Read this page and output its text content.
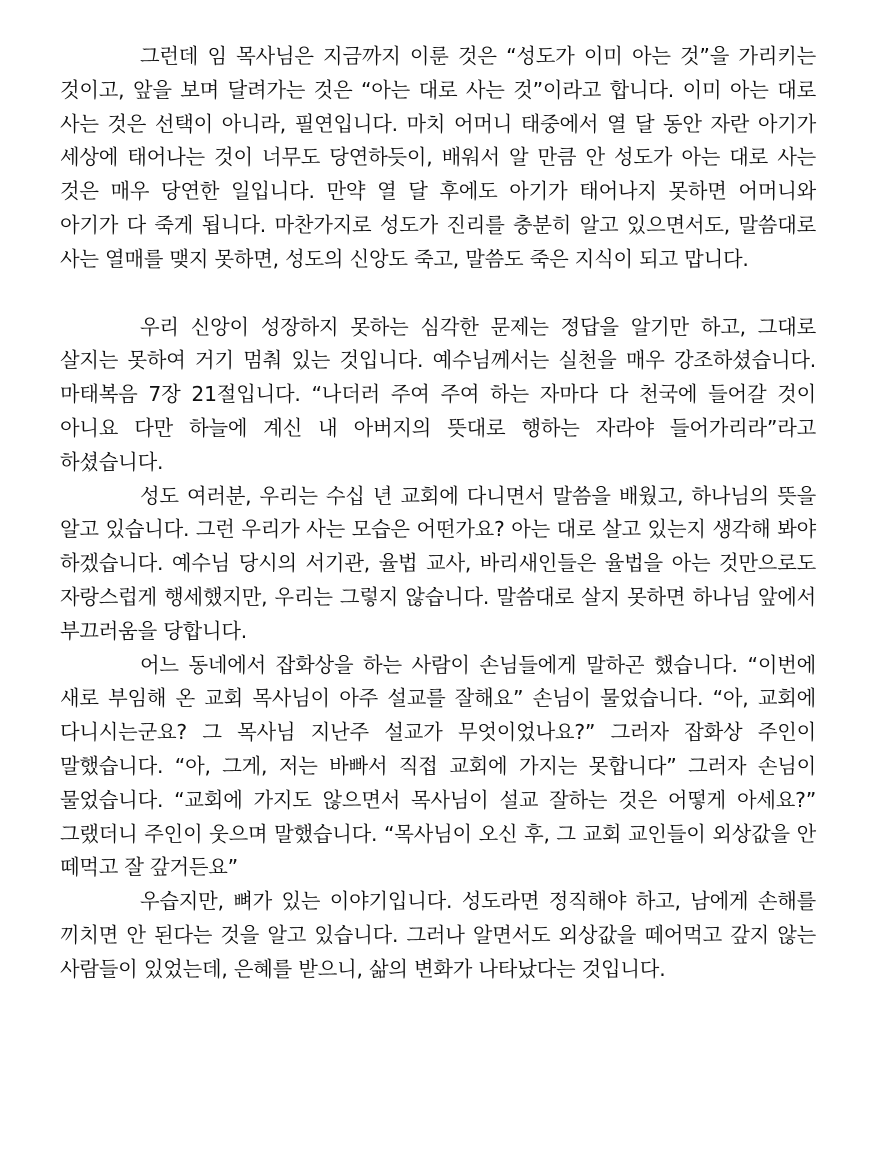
그런데 임 목사님은 지금까지 이룬 것은 “성도가 이미 아는 것”을 가리키는 것이고, 앞을 보며 달려가는 것은 “아는 대로 사는 것”이라고 합니다. 이미 아는 대로 사는 것은 선택이 아니라, 필연입니다. 마치 어머니 태중에서 열 달 동안 자란 아기가 세상에 태어나는 것이 너무도 당연하듯이, 배워서 알 만큼 안 성도가 아는 대로 사는 것은 매우 당연한 일입니다. 만약 열 달 후에도 아기가 태어나지 못하면 어머니와 아기가 다 죽게 됩니다. 마찬가지로 성도가 진리를 충분히 알고 있으면서도, 말씀대로 사는 열매를 맺지 못하면, 성도의 신앙도 죽고, 말씀도 죽은 지식이 되고 맙니다.

우리 신앙이 성장하지 못하는 심각한 문제는 정답을 알기만 하고, 그대로 살지는 못하여 거기 멈춰 있는 것입니다. 예수님께서는 실천을 매우 강조하셨습니다. 마태복음 7장 21절입니다. “나더러 주여 주여 하는 자마다 다 천국에 들어갈 것이 아니요 다만 하늘에 계신 내 아버지의 뜻대로 행하는 자라야 들어가리라”라고 하셨습니다.

성도 여러분, 우리는 수십 년 교회에 다니면서 말씀을 배웠고, 하나님의 뜻을 알고 있습니다. 그런 우리가 사는 모습은 어떤가요? 아는 대로 살고 있는지 생각해 봐야 하겠습니다. 예수님 당시의 서기관, 율법 교사, 바리새인들은 율법을 아는 것만으로도 자랑스럽게 행세했지만, 우리는 그렇지 않습니다. 말씀대로 살지 못하면 하나님 앞에서 부끄러움을 당합니다.

어느 동네에서 잡화상을 하는 사람이 손님들에게 말하곤 했습니다. “이번에 새로 부임해 온 교회 목사님이 아주 설교를 잘해요” 손님이 물었습니다. “아, 교회에 다니시는군요? 그 목사님 지난주 설교가 무엇이었나요?” 그러자 잡화상 주인이 말했습니다. “아, 그게, 저는 바빠서 직접 교회에 가지는 못합니다” 그러자 손님이 물었습니다. “교회에 가지도 않으면서 목사님이 설교 잘하는 것은 어떻게 아세요?” 그랬더니 주인이 웃으며 말했습니다. “목사님이 오신 후, 그 교회 교인들이 외상값을 안 떼먹고 잘 갚거든요”

우습지만, 뼈가 있는 이야기입니다. 성도라면 정직해야 하고, 남에게 손해를 끼치면 안 된다는 것을 알고 있습니다. 그러나 알면서도 외상값을 떼어먹고 갚지 않는 사람들이 있었는데, 은혜를 받으니, 삶의 변화가 나타났다는 것입니다.
